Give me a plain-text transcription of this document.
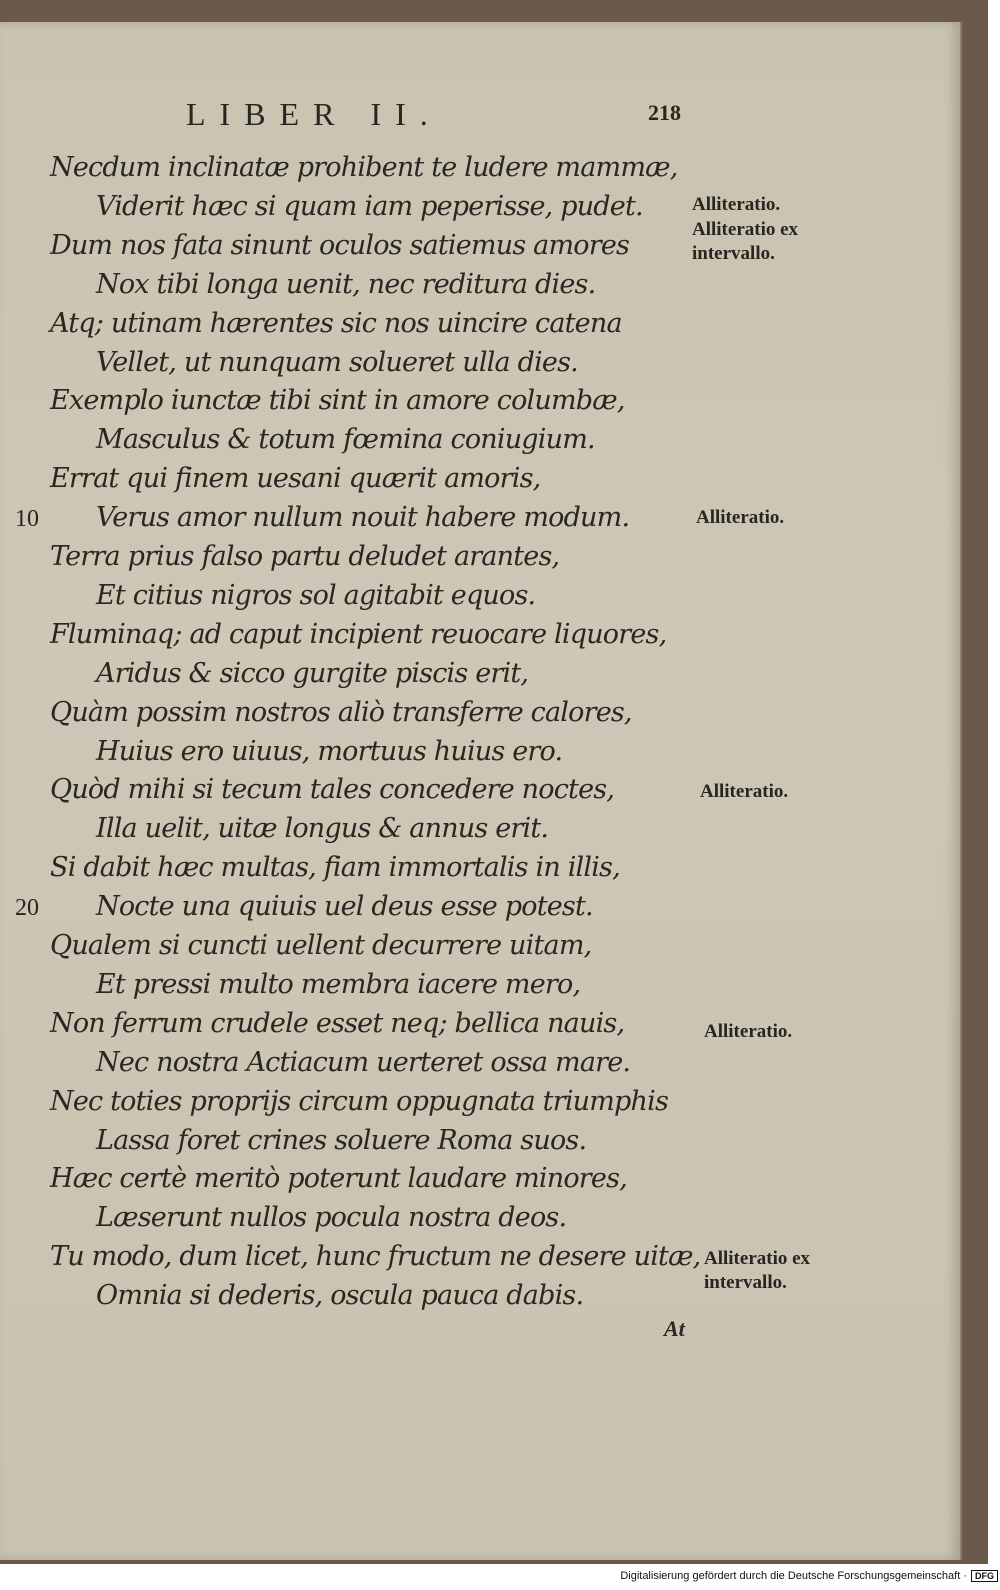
LIBER II.	218
Necdum inclinatæ prohibent te ludere mammæ,
Viderit hæc si quam iam peperisse, pudet.
Dum nos fata sinunt oculos satiemus amores
Nox tibi longa uenit, nec reditura dies.
Atq; utinam hærentes sic nos uincire catena
Vellet, ut nunquam solueret ulla dies.
Exemplo iunctæ tibi sint in amore columbæ,
Masculus & totum fœmina coniugium.
Errat qui finem uesani quærit amoris,
Verus amor nullum nouit habere modum.
Terra prius falso partu deludet arantes,
Et citius nigros sol agitabit equos.
Fluminaq; ad caput incipient reuocare liquores,
Aridus & sicco gurgite piscis erit,
Quàm possim nostros aliò transferre calores,
Huius ero uiuus, mortuus huius ero.
Quòd mihi si tecum tales concedere noctes,
Illa uelit, uitæ longus & annus erit.
Si dabit hæc multas, fiam immortalis in illis,
Nocte una quiuis uel deus esse potest.
Qualem si cuncti uellent decurrere uitam,
Et pressi multo membra iacere mero,
Non ferrum crudele esset neq; bellica nauis,
Nec nostra Actiacum uerteret ossa mare.
Nec toties proprijs circum oppugnata triumphis
Lassa foret crines soluere Roma suos.
Hæc certè meritò poterunt laudare minores,
Læserunt nullos pocula nostra deos.
Tu modo, dum licet, hunc fructum ne desere uitæ,
Omnia si dederis, oscula pauca dabis.
10
20
Alliteratio.
Alliteratio ex
intervallo.
Alliteratio.
Alliteratio.
Alliteratio.
Alliteratio ex
intervallo.
At
Digitalisierung gefördert durch die Deutsche Forschungsgemeinschaft · DFG
